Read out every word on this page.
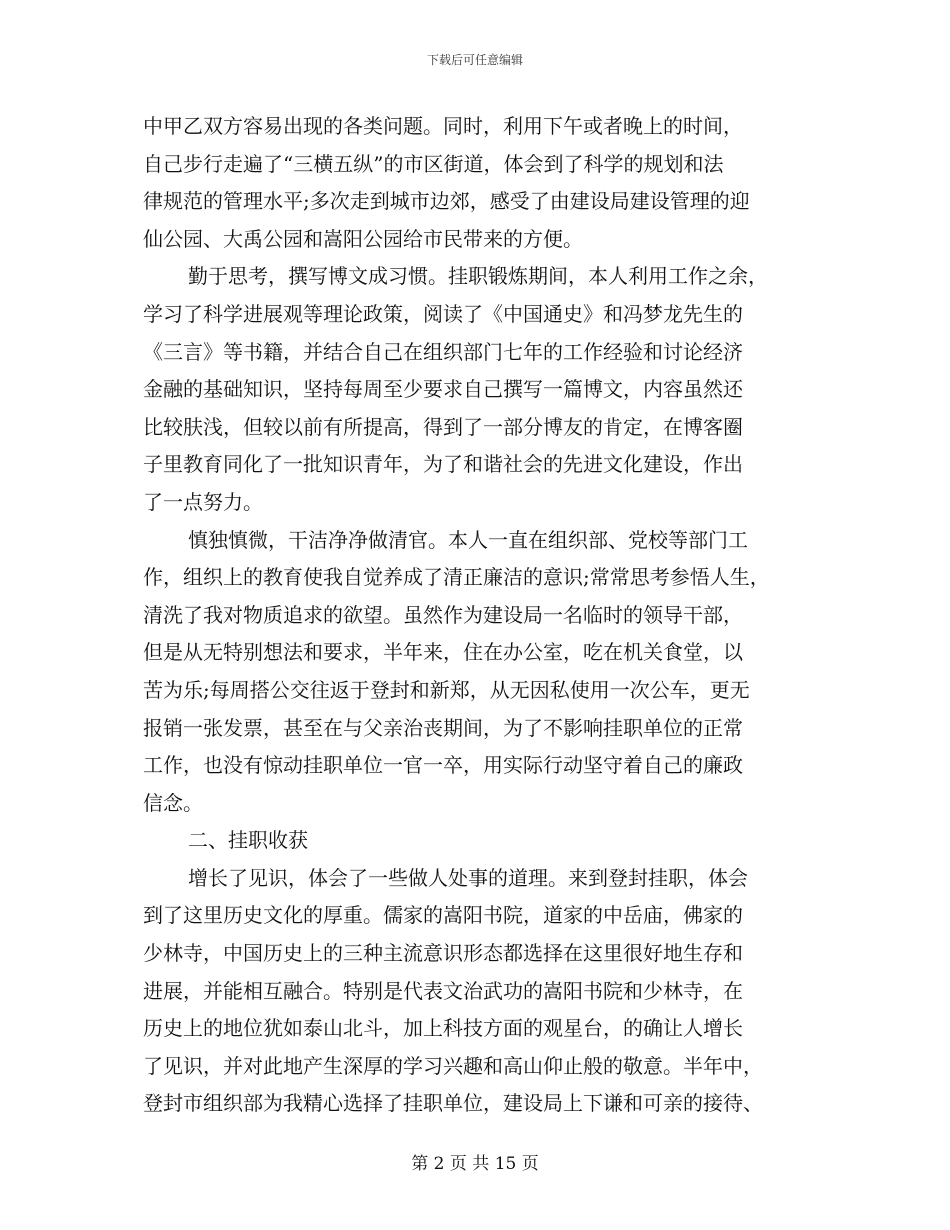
下载后可任意编辑
中甲乙双方容易出现的各类问题。同时，利用下午或者晚上的时间，
自己步行走遍了“三横五纵”的市区街道，体会到了科学的规划和法
律规范的管理水平;多次走到城市边郊，感受了由建设局建设管理的迎
仙公园、大禹公园和嵩阳公园给市民带来的方便。
勤于思考，撰写博文成习惯。挂职锻炼期间，本人利用工作之余，
学习了科学进展观等理论政策，阅读了《中国通史》和冯梦龙先生的
《三言》等书籍，并结合自己在组织部门七年的工作经验和讨论经济
金融的基础知识，坚持每周至少要求自己撰写一篇博文，内容虽然还
比较肤浅，但较以前有所提高，得到了一部分博友的肯定，在博客圈
子里教育同化了一批知识青年，为了和谐社会的先进文化建设，作出
了一点努力。
慎独慎微，干洁净净做清官。本人一直在组织部、党校等部门工
作，组织上的教育使我自觉养成了清正廉洁的意识;常常思考参悟人生，
清洗了我对物质追求的欲望。虽然作为建设局一名临时的领导干部，
但是从无特别想法和要求，半年来，住在办公室，吃在机关食堂，以
苦为乐;每周搭公交往返于登封和新郑，从无因私使用一次公车，更无
报销一张发票，甚至在与父亲治丧期间，为了不影响挂职单位的正常
工作，也没有惊动挂职单位一官一卒，用实际行动坚守着自己的廉政
信念。
二、挂职收获
增长了见识，体会了一些做人处事的道理。来到登封挂职，体会
到了这里历史文化的厚重。儒家的嵩阳书院，道家的中岳庙，佛家的
少林寺，中国历史上的三种主流意识形态都选择在这里很好地生存和
进展，并能相互融合。特别是代表文治武功的嵩阳书院和少林寺，在
历史上的地位犹如泰山北斗，加上科技方面的观星台，的确让人增长
了见识，并对此地产生深厚的学习兴趣和高山仰止般的敬意。半年中，
登封市组织部为我精心选择了挂职单位，建设局上下谦和可亲的接待、
第 2 页 共 15 页
